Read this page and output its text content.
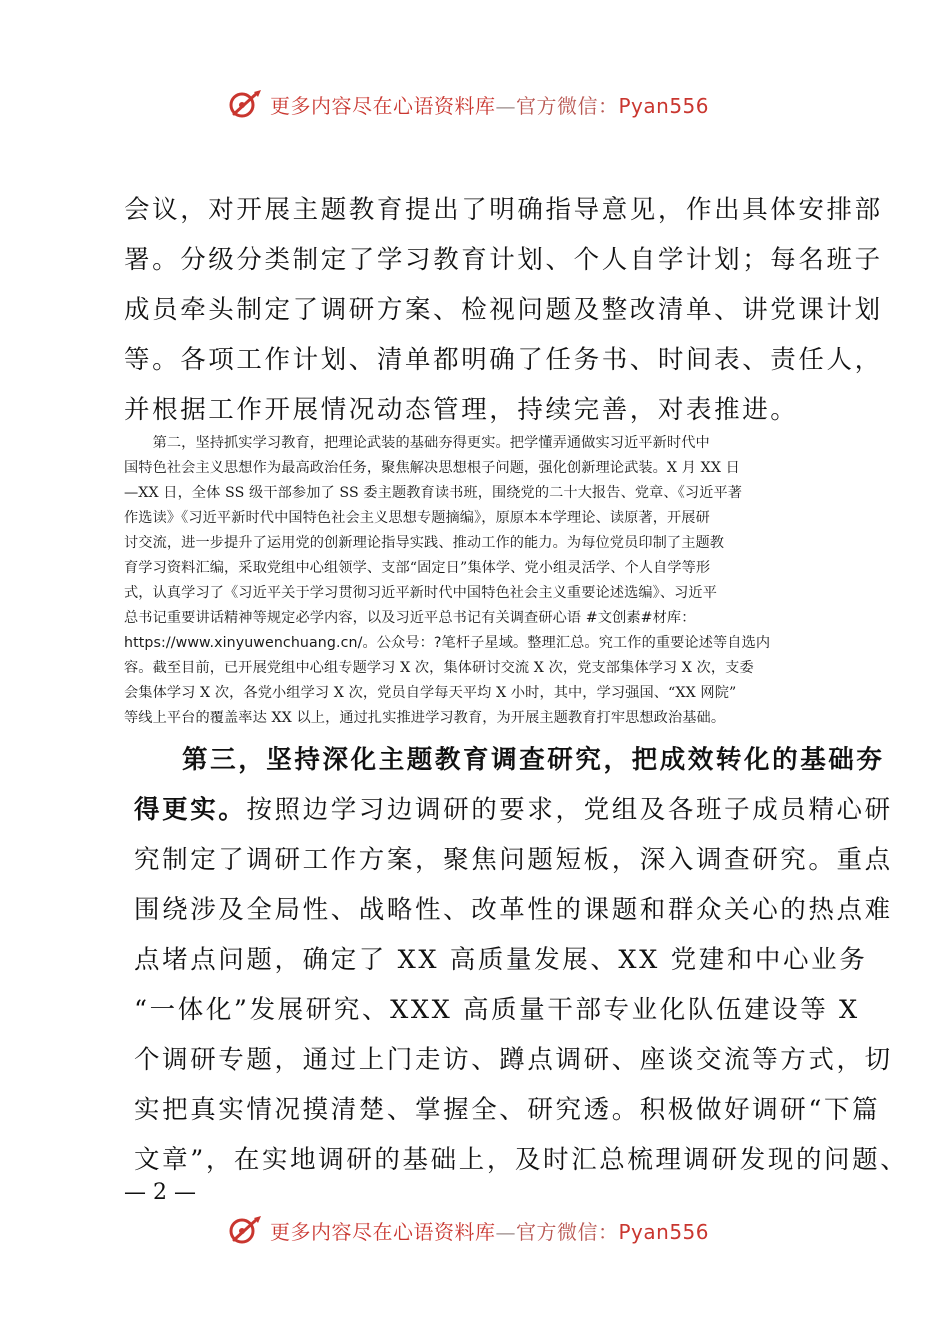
更多内容尽在心语资料库—官方微信：Pyan556

会议，对开展主题教育提出了明确指导意见，作出具体安排部

署。分级分类制定了学习教育计划、个人自学计划；每名班子

成员牵头制定了调研方案、检视问题及整改清单、讲党课计划

等。各项工作计划、清单都明确了任务书、时间表、责任人，

并根据工作开展情况动态管理，持续完善，对表推进。

　　第二，坚持抓实学习教育，把理论武装的基础夯得更实。把学懂弄通做实习近平新时代中

国特色社会主义思想作为最高政治任务，聚焦解决思想根子问题，强化创新理论武装。X 月 XX 日

—XX 日，全体 SS 级干部参加了 SS 委主题教育读书班，围绕党的二十大报告、党章、《习近平著

作选读》《习近平新时代中国特色社会主义思想专题摘编》，原原本本学理论、读原著，开展研

讨交流，进一步提升了运用党的创新理论指导实践、推动工作的能力。为每位党员印制了主题教

育学习资料汇编，采取党组中心组领学、支部“固定日”集体学、党小组灵活学、个人自学等形

式，认真学习了《习近平关于学习贯彻习近平新时代中国特色社会主义重要论述选编》、习近平

总书记重要讲话精神等规定必学内容，以及习近平总书记有关调查研心语 #文创素#材库：

https://www.xinyuwenchuang.cn/。公众号：?笔杆子星域。整理汇总。究工作的重要论述等自选内

容。截至目前，已开展党组中心组专题学习 X 次，集体研讨交流 X 次，党支部集体学习 X 次，支委

会集体学习 X 次，各党小组学习 X 次，党员自学每天平均 X 小时，其中，学习强国、“XX 网院”

等线上平台的覆盖率达 XX 以上，通过扎实推进学习教育，为开展主题教育打牢思想政治基础。

第三，坚持深化主题教育调查研究，把成效转化的基础夯

得更实。按照边学习边调研的要求，党组及各班子成员精心研

究制定了调研工作方案，聚焦问题短板，深入调查研究。重点

围绕涉及全局性、战略性、改革性的课题和群众关心的热点难

点堵点问题，确定了 XX 高质量发展、XX 党建和中心业务

“一体化”发展研究、XXX 高质量干部专业化队伍建设等 X

个调研专题，通过上门走访、蹲点调研、座谈交流等方式，切

实把真实情况摸清楚、掌握全、研究透。积极做好调研“下篇

文章”，在实地调研的基础上，及时汇总梳理调研发现的问题、

— 2 —

更多内容尽在心语资料库—官方微信：Pyan556
